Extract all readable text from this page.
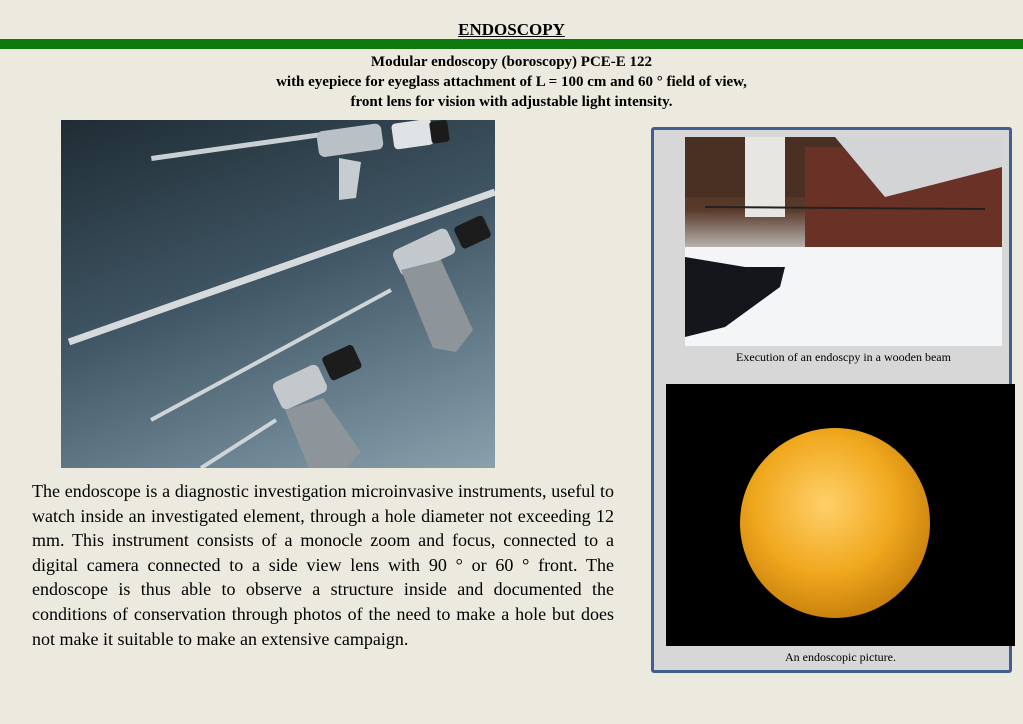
ENDOSCOPY
Modular endoscopy (boroscopy) PCE-E 122
with eyepiece for eyeglass attachment of L = 100 cm and 60 ° field of view,
front lens for vision with adjustable light intensity.
The endoscope is a diagnostic investigation microinvasive instruments, useful to watch inside an investigated element, through a hole diameter not exceeding 12 mm. This instrument consists of a monocle zoom and focus, connected to a digital camera connected to a side view lens with 90 ° or 60 ° front. The endoscope is thus able to observe a structure inside and documented the conditions of conservation through photos of the need to make a hole but does not make it suitable to make an extensive campaign.
Execution of an endoscpy in a wooden beam
An endoscopic picture.
